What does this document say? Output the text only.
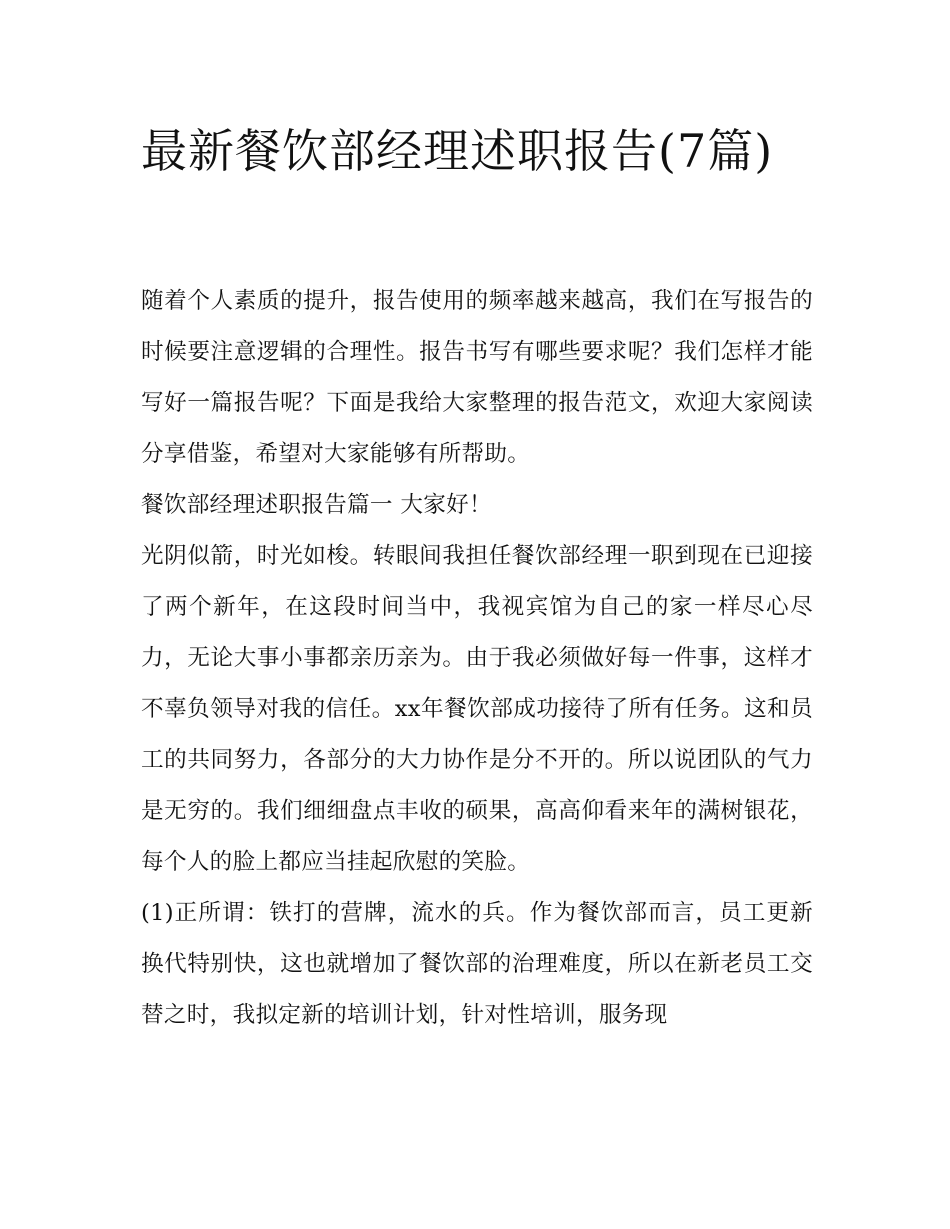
最新餐饮部经理述职报告(7篇)

随着个人素质的提升，报告使用的频率越来越高，我们在写报告的时候要注意逻辑的合理性。报告书写有哪些要求呢？我们怎样才能写好一篇报告呢？下面是我给大家整理的报告范文，欢迎大家阅读分享借鉴，希望对大家能够有所帮助。

餐饮部经理述职报告篇一 大家好！

光阴似箭，时光如梭。转眼间我担任餐饮部经理一职到现在已迎接了两个新年，在这段时间当中，我视宾馆为自己的家一样尽心尽力，无论大事小事都亲历亲为。由于我必须做好每一件事，这样才不辜负领导对我的信任。xx年餐饮部成功接待了所有任务。这和员工的共同努力，各部分的大力协作是分不开的。所以说团队的气力是无穷的。我们细细盘点丰收的硕果，高高仰看来年的满树银花，每个人的脸上都应当挂起欣慰的笑脸。

(1)正所谓：铁打的营牌，流水的兵。作为餐饮部而言，员工更新换代特别快，这也就增加了餐饮部的治理难度，所以在新老员工交替之时，我拟定新的培训计划，针对性培训，服务现
